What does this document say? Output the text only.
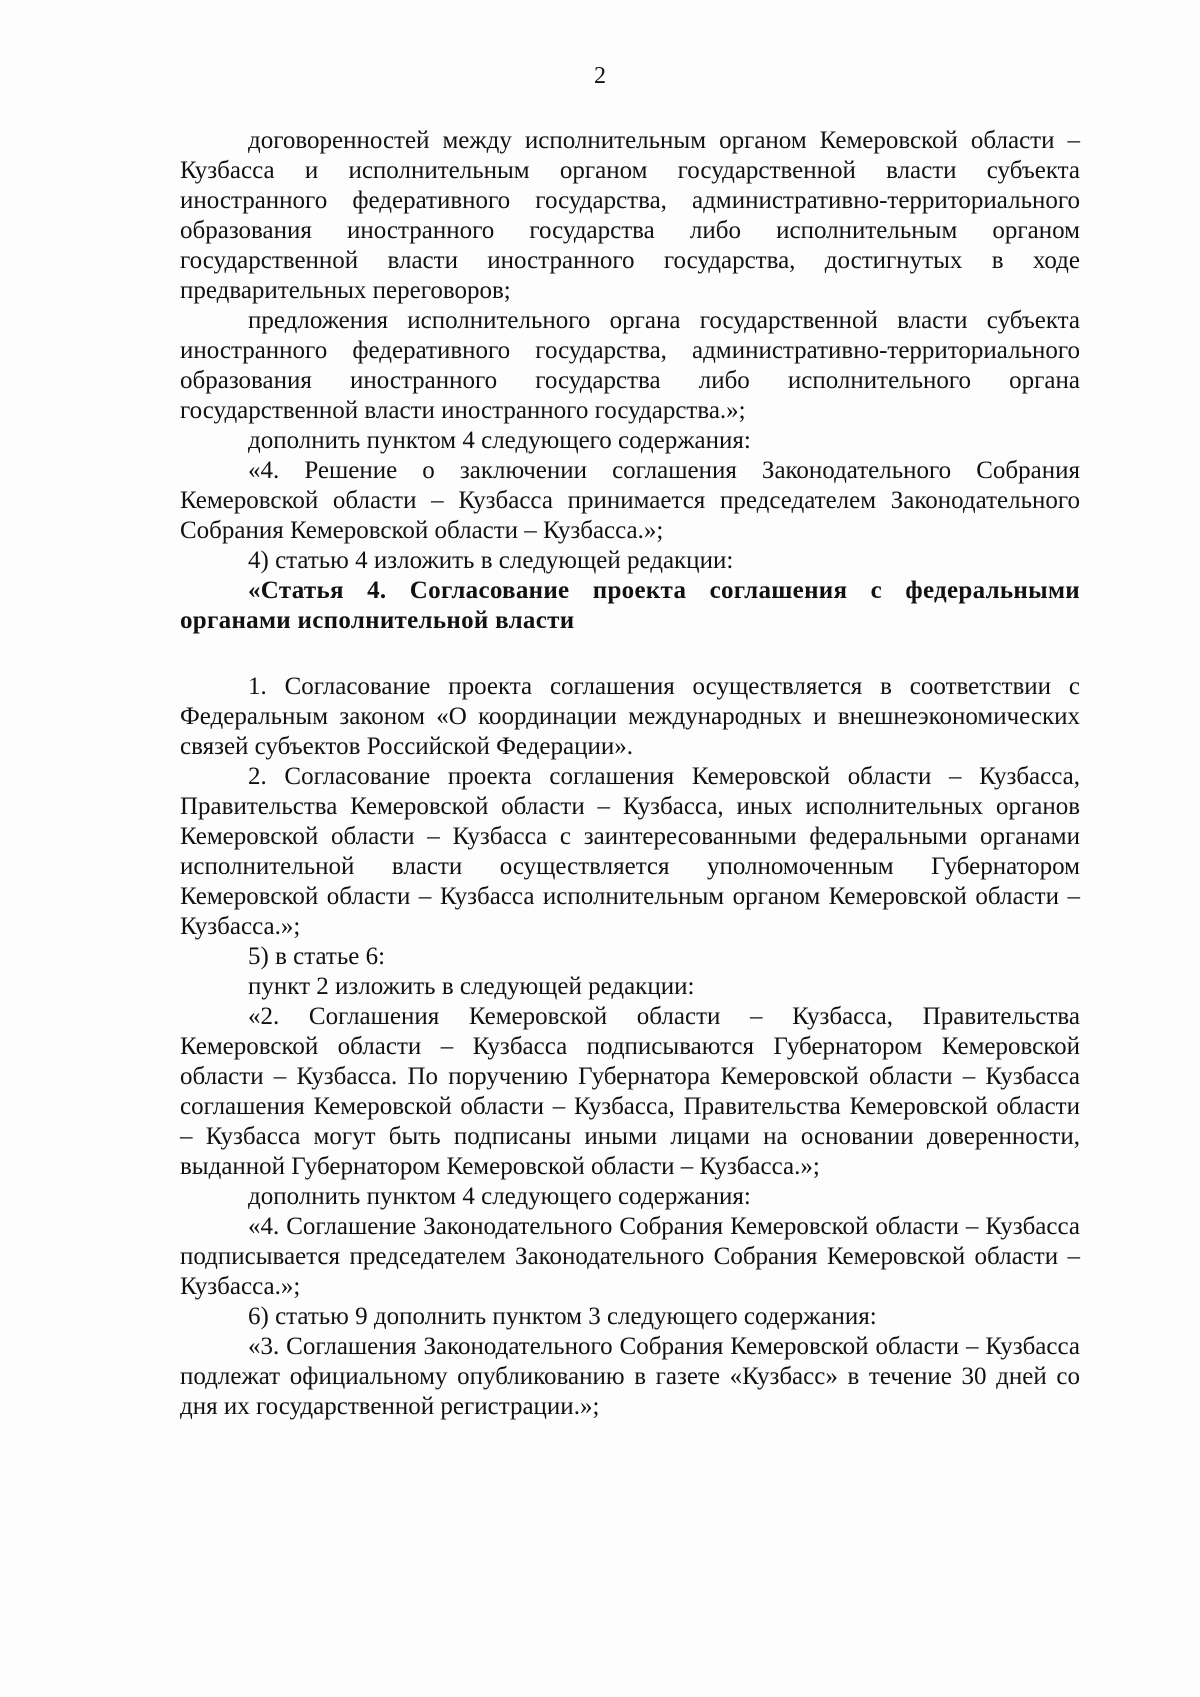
2

договоренностей между исполнительным органом Кемеровской области – Кузбасса и исполнительным органом государственной власти субъекта иностранного федеративного государства, административно-территориального образования иностранного государства либо исполнительным органом государственной власти иностранного государства, достигнутых в ходе предварительных переговоров;

предложения исполнительного органа государственной власти субъекта иностранного федеративного государства, административно-территориального образования иностранного государства либо исполнительного органа государственной власти иностранного государства.»;

дополнить пунктом 4 следующего содержания:

«4. Решение о заключении соглашения Законодательного Собрания Кемеровской области – Кузбасса принимается председателем Законодательного Собрания Кемеровской области – Кузбасса.»;

4) статью 4 изложить в следующей редакции:

«Статья 4. Согласование проекта соглашения с федеральными органами исполнительной власти

1. Согласование проекта соглашения осуществляется в соответствии с Федеральным законом «О координации международных и внешнеэкономических связей субъектов Российской Федерации».

2. Согласование проекта соглашения Кемеровской области – Кузбасса, Правительства Кемеровской области – Кузбасса, иных исполнительных органов Кемеровской области – Кузбасса с заинтересованными федеральными органами исполнительной власти осуществляется уполномоченным Губернатором Кемеровской области – Кузбасса исполнительным органом Кемеровской области – Кузбасса.»;

5) в статье 6:

пункт 2 изложить в следующей редакции:

«2. Соглашения Кемеровской области – Кузбасса, Правительства Кемеровской области – Кузбасса подписываются Губернатором Кемеровской области – Кузбасса. По поручению Губернатора Кемеровской области – Кузбасса соглашения Кемеровской области – Кузбасса, Правительства Кемеровской области – Кузбасса могут быть подписаны иными лицами на основании доверенности, выданной Губернатором Кемеровской области – Кузбасса.»;

дополнить пунктом 4 следующего содержания:

«4. Соглашение Законодательного Собрания Кемеровской области – Кузбасса подписывается председателем Законодательного Собрания Кемеровской области – Кузбасса.»;

6) статью 9 дополнить пунктом 3 следующего содержания:

«3. Соглашения Законодательного Собрания Кемеровской области – Кузбасса подлежат официальному опубликованию в газете «Кузбасс» в течение 30 дней со дня их государственной регистрации.»;
